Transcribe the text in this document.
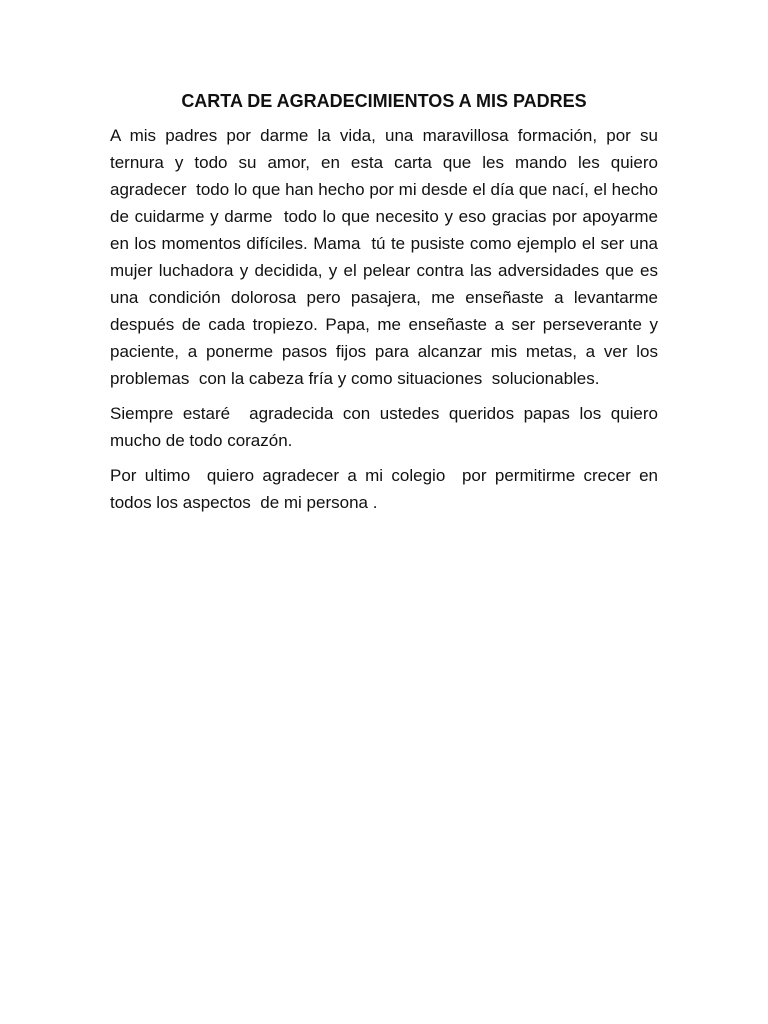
CARTA DE AGRADECIMIENTOS A MIS PADRES

A mis padres por darme la vida, una maravillosa formación, por su ternura y todo su amor, en esta carta que les mando les quiero agradecer  todo lo que han hecho por mi desde el día que nací, el hecho de cuidarme y darme  todo lo que necesito y eso gracias por apoyarme en los momentos difíciles. Mama  tú te pusiste como ejemplo el ser una mujer luchadora y decidida, y el pelear contra las adversidades que es una condición dolorosa pero pasajera, me enseñaste a levantarme después de cada tropiezo. Papa, me enseñaste a ser perseverante y paciente, a ponerme pasos fijos para alcanzar mis metas, a ver los problemas  con la cabeza fría y como situaciones  solucionables.

Siempre estaré  agradecida con ustedes queridos papas los quiero mucho de todo corazón.

Por ultimo  quiero agradecer a mi colegio  por permitirme crecer en todos los aspectos  de mi persona .
